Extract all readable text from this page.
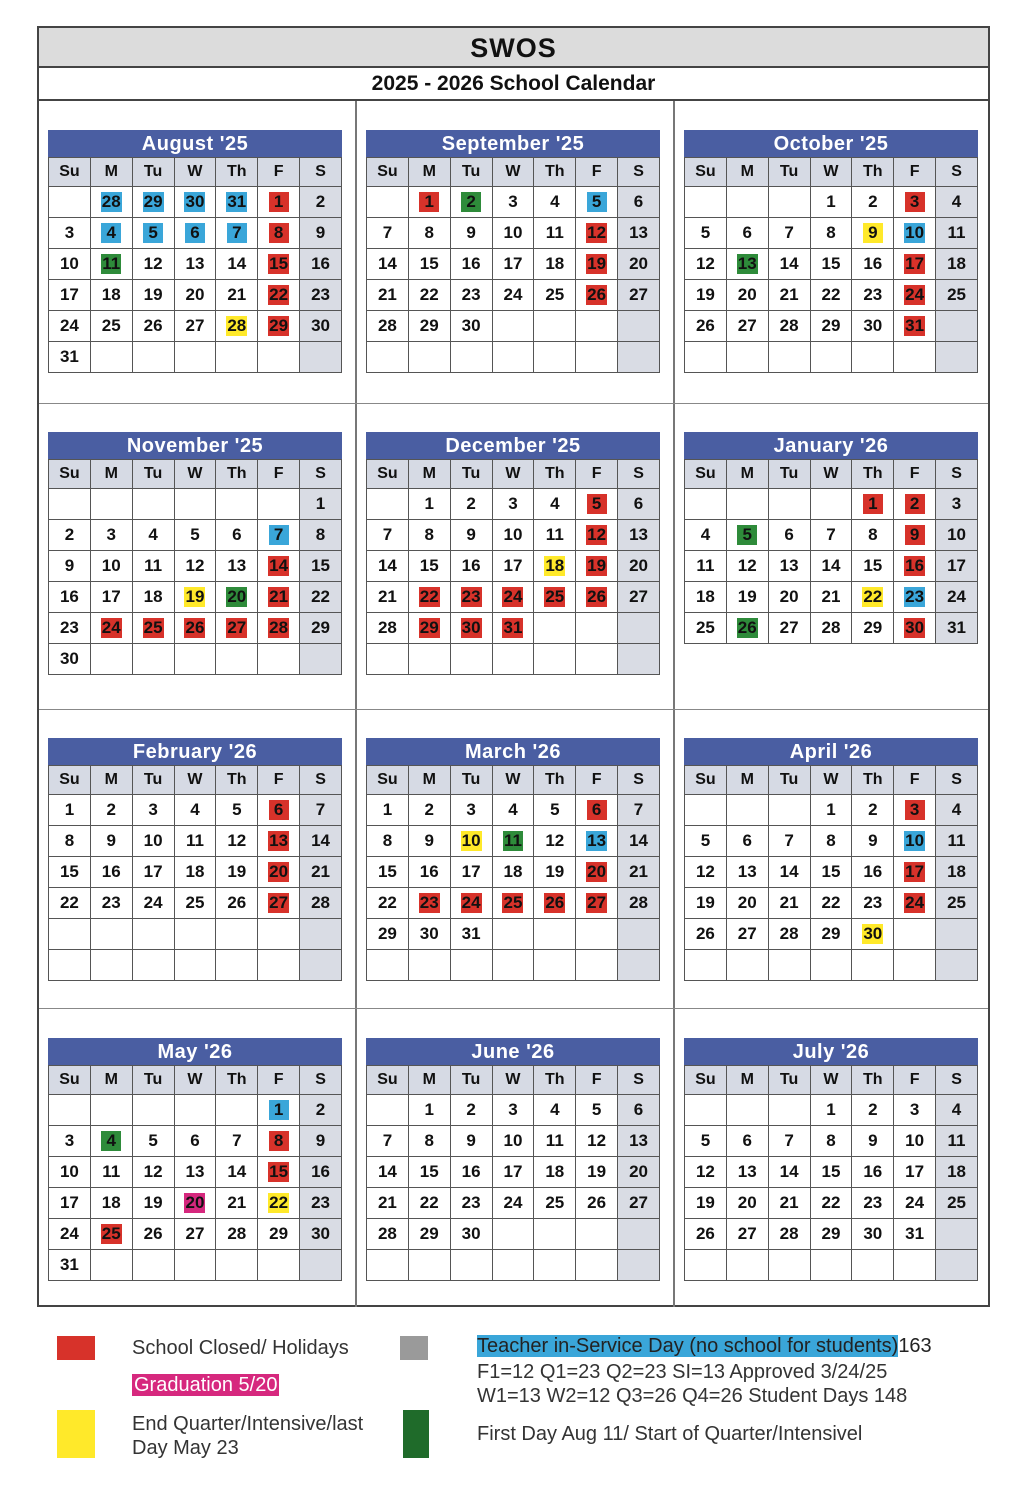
SWOS
2025 - 2026 School Calendar
August '25
Su	M	Tu	W	Th	F	S
	28	29	30	31	1	2
3	4	5	6	7	8	9
10	11	12	13	14	15	16
17	18	19	20	21	22	23
24	25	26	27	28	29	30
31						
September '25
Su	M	Tu	W	Th	F	S
	1	2	3	4	5	6
7	8	9	10	11	12	13
14	15	16	17	18	19	20
21	22	23	24	25	26	27
28	29	30				

October '25
Su	M	Tu	W	Th	F	S
			1	2	3	4
5	6	7	8	9	10	11
12	13	14	15	16	17	18
19	20	21	22	23	24	25
26	27	28	29	30	31	

November '25
Su	M	Tu	W	Th	F	S
						1
2	3	4	5	6	7	8
9	10	11	12	13	14	15
16	17	18	19	20	21	22
23	24	25	26	27	28	29
30						
December '25
Su	M	Tu	W	Th	F	S
	1	2	3	4	5	6
7	8	9	10	11	12	13
14	15	16	17	18	19	20
21	22	23	24	25	26	27
28	29	30	31			

January '26
Su	M	Tu	W	Th	F	S
				1	2	3
4	5	6	7	8	9	10
11	12	13	14	15	16	17
18	19	20	21	22	23	24
25	26	27	28	29	30	31
February '26
Su	M	Tu	W	Th	F	S
1	2	3	4	5	6	7
8	9	10	11	12	13	14
15	16	17	18	19	20	21
22	23	24	25	26	27	28

March '26
Su	M	Tu	W	Th	F	S
1	2	3	4	5	6	7
8	9	10	11	12	13	14
15	16	17	18	19	20	21
22	23	24	25	26	27	28
29	30	31				

April '26
Su	M	Tu	W	Th	F	S
			1	2	3	4
5	6	7	8	9	10	11
12	13	14	15	16	17	18
19	20	21	22	23	24	25
26	27	28	29	30		

May '26
Su	M	Tu	W	Th	F	S
					1	2
3	4	5	6	7	8	9
10	11	12	13	14	15	16
17	18	19	20	21	22	23
24	25	26	27	28	29	30
31						
June '26
Su	M	Tu	W	Th	F	S
	1	2	3	4	5	6
7	8	9	10	11	12	13
14	15	16	17	18	19	20
21	22	23	24	25	26	27
28	29	30				

July '26
Su	M	Tu	W	Th	F	S
			1	2	3	4
5	6	7	8	9	10	11
12	13	14	15	16	17	18
19	20	21	22	23	24	25
26	27	28	29	30	31	

School Closed/ Holidays	Teacher in-Service Day (no school for students)163
Graduation 5/20
F1=12 Q1=23 Q2=23 SI=13 Approved 3/24/25
W1=13 W2=12 Q3=26 Q4=26 Student Days 148
End Quarter/Intensive/last
Day May 23
First Day Aug 11/ Start of Quarter/Intensivel
